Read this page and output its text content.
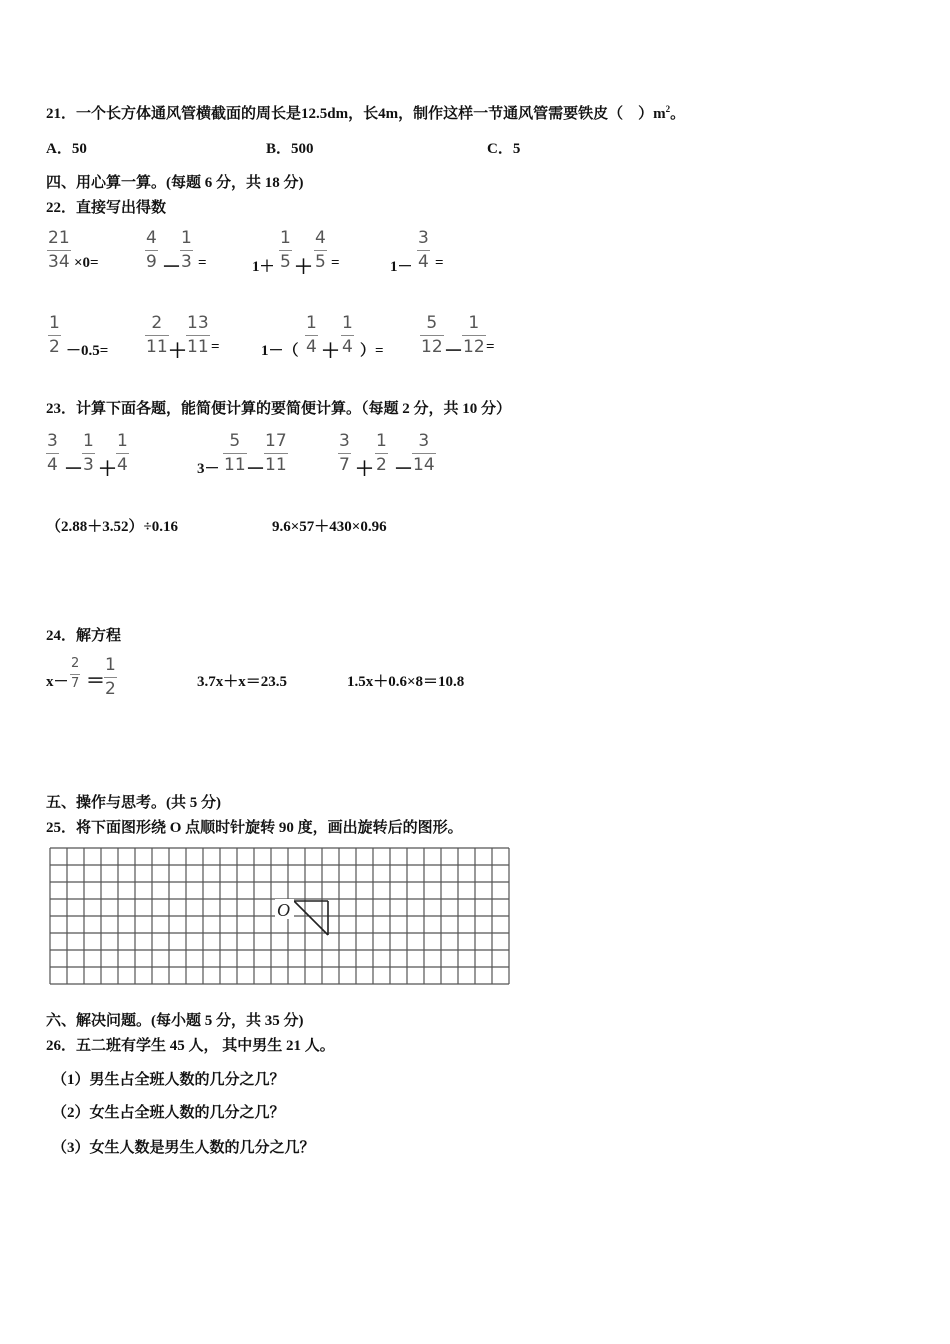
21．一个长方体通风管横截面的周长是12.5dm，长4m，制作这样一节通风管需要铁皮（　）$m^2$。
A．50	B．500	C．5
四、用心算一算。(每题 6 分，共 18 分)
22．直接写出得数
21
34 ×0=
4
9 －
1
3 =	1＋
1
5 ＋
4
5 =	1－
3
4 =
1
2 －0.5=
2
11 ＋
13
11 =	1－（
1
4 ＋
1
4 ）=
5
12 －
1
12 =
23．计算下面各题，能简便计算的要简便计算。（每题 2 分，共 10 分）
3
4 －
1
3 ＋
1
4	3－
5
11 －
17
11
3
7 ＋
1
2 －
3
14
（2.88＋3.52）÷0.16	9.6×57＋430×0.96
24．解方程
x－
2
7 ＝
1
2	3.7x＋x＝23.5	1.5x＋0.6×8＝10.8
五、操作与思考。(共 5 分)
25．将下面图形绕 O 点顺时针旋转 90 度，画出旋转后的图形。
O
六、解决问题。(每小题 5 分，共 35 分)
26．五二班有学生 45 人， 其中男生 21 人。
（1）男生占全班人数的几分之几？
（2）女生占全班人数的几分之几？
（3）女生人数是男生人数的几分之几？
